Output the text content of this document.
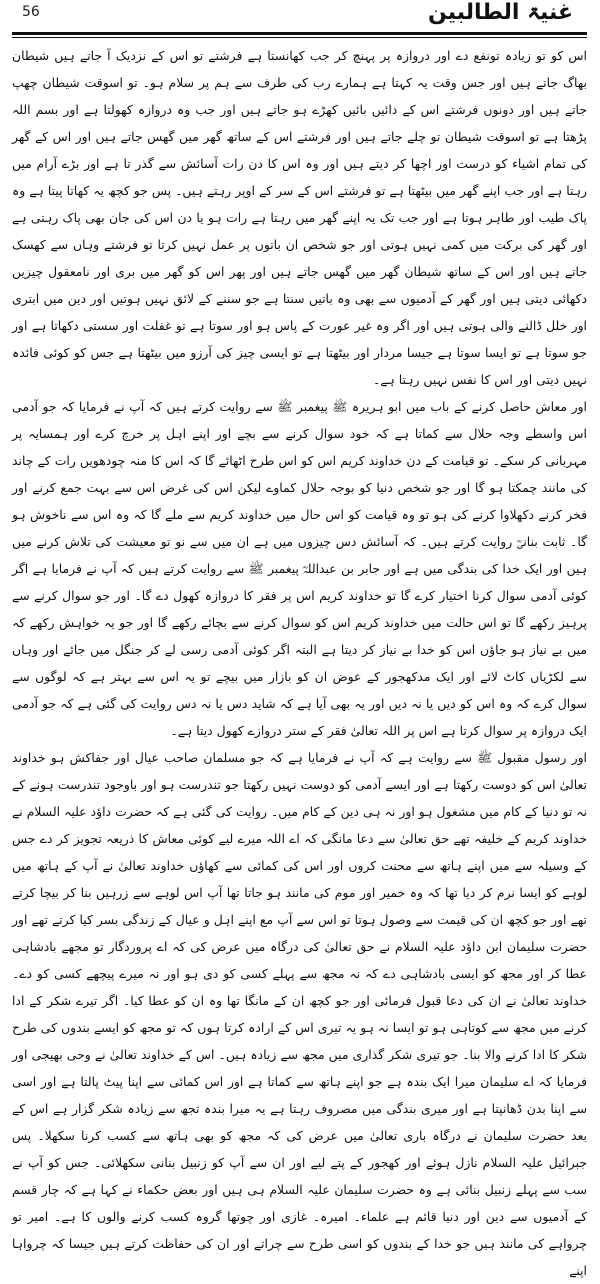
56	غنیۃ الطالبین

اس کو تو زیادہ تونفع دے اور دروازہ پر پہنچ کر جب کھانستا ہے فرشتے تو اس کے نزدیک آ جاتے ہیں شیطان بھاگ جاتے ہیں اور جس وقت یہ کہتا ہے ہمارے رب کی طرف سے ہم پر سلام ہو۔ تو اسوقت شیطان چھپ جاتے ہیں اور دونوں فرشتے اس کے دائیں بائیں کھڑے ہو جاتے ہیں اور جب وہ دروازہ کھولتا ہے اور بسم اللہ پڑھتا ہے تو اسوقت شیطان تو چلے جاتے ہیں اور فرشتے اس کے ساتھ گھر میں گھس جاتے ہیں اور اس کے گھر کی تمام اشیاء کو درست اور اچھا کر دیتے ہیں اور وہ اس کا دن رات آسائش سے گذر تا ہے اور بڑے آرام میں رہتا ہے اور جب اپنے گھر میں بیٹھتا ہے تو فرشتے اس کے سر کے اوپر رہتے ہیں۔ پس جو کچھ یہ کھاتا پیتا ہے وہ پاک طیب اور طاہر ہوتا ہے اور جب تک یہ اپنے گھر میں رہتا ہے رات ہو یا دن اس کی جان بھی پاک رہتی ہے اور گھر کی برکت میں کمی نہیں ہوتی اور جو شخص ان باتوں پر عمل نہیں کرتا تو فرشتے وہاں سے کھسک جاتے ہیں اور اس کے ساتھ شیطان گھر میں گھس جاتے ہیں اور پھر اس کو گھر میں بری اور نامعقول چیزیں دکھائی دیتی ہیں اور گھر کے آدمیوں سے بھی وہ باتیں سنتا ہے جو سننے کے لائق نہیں ہوتیں اور دین میں ابتری اور خلل ڈالنے والی ہوتی ہیں اور اگر وہ غیر عورت کے پاس ہو اور سوتا ہے تو غفلت اور سستی دکھاتا ہے اور جو سوتا ہے تو ایسا سوتا ہے جیسا مردار اور بیٹھتا ہے تو ایسی چیز کی آرزو میں بیٹھتا ہے جس کو کوئی فائدہ نہیں دیتی اور اس کا نفس نہیں رہتا ہے۔

اور معاش حاصل کرنے کے باب میں ابو ہریرہ ﷺ پیغمبر ﷺ سے روایت کرتے ہیں کہ آپ نے فرمایا کہ جو آدمی اس واسطے وجہ حلال سے کماتا ہے کہ خود سوال کرنے سے بچے اور اپنے اہل پر خرچ کرے اور ہمسایہ پر مہربانی کر سکے۔ تو قیامت کے دن خداوند کریم اس کو اس طرح اٹھائے گا کہ اس کا منہ چودھویں رات کے چاند کی مانند چمکتا ہو گا اور جو شخص دنیا کو بوجہ حلال کماوے لیکن اس کی غرض اس سے بہت جمع کرنے اور فخر کرنے دکھلاوا کرنے کی ہو تو وہ قیامت کو اس حال میں خداوند کریم سے ملے گا کہ وہ اس سے ناخوش ہو گا۔ ثابت بنانیؓ روایت کرتے ہیں۔ کہ آسائش دس چیزوں میں ہے ان میں سے نو تو معیشت کی تلاش کرنے میں ہیں اور ایک خدا کی بندگی میں ہے اور جابر بن عبداللہؓ پیغمبر ﷺ سے روایت کرتے ہیں کہ آپ نے فرمایا ہے اگر کوئی آدمی سوال کرنا اختیار کرے گا تو خداوند کریم اس پر فقر کا دروازہ کھول دے گا۔ اور جو سوال کرنے سے پرہیز رکھے گا تو اس حالت میں خداوند کریم اس کو سوال کرنے سے بچائے رکھے گا اور جو یہ خواہش رکھے کہ میں بے نیاز ہو جاؤں اس کو خدا بے نیاز کر دیتا ہے البتہ اگر کوئی آدمی رسی لے کر جنگل میں جائے اور وہاں سے لکڑیاں کاٹ لائے اور ایک مدکھجور کے عوض ان کو بازار میں بیچے تو یہ اس سے بہتر ہے کہ لوگوں سے سوال کرے کہ وہ اس کو دیں یا نہ دیں اور یہ بھی آیا ہے کہ شاید دس یا نہ دس روایت کی گئی ہے کہ جو آدمی ایک دروازہ پر سوال کرتا ہے اس پر اللہ تعالیٰ فقر کے ستر دروازے کھول دیتا ہے۔

اور رسول مقبول ﷺ سے روایت ہے کہ آپ نے فرمایا ہے کہ جو مسلمان صاحب عیال اور جفاکش ہو خداوند تعالیٰ اس کو دوست رکھتا ہے اور ایسے آدمی کو دوست نہیں رکھتا جو تندرست ہو اور باوجود تندرست ہونے کے نہ تو دنیا کے کام میں مشغول ہو اور نہ ہی دین کے کام میں۔ روایت کی گئی ہے کہ حضرت داؤد علیہ السلام نے خداوند کریم کے خلیفہ تھے حق تعالیٰ سے دعا مانگی کہ اے اللہ میرے لیے کوئی معاش کا ذریعہ تجویز کر دے جس کے وسیلہ سے میں اپنے ہاتھ سے محنت کروں اور اس کی کمائی سے کھاؤں خداوند تعالیٰ نے آپ کے ہاتھ میں لوہے کو ایسا نرم کر دیا تھا کہ وہ خمیر اور موم کی مانند ہو جاتا تھا آپ اس لوہے سے زرہیں بنا کر بیچا کرتے تھے اور جو کچھ ان کی قیمت سے وصول ہوتا تو اس سے آپ مع اپنے اہل و عیال کے زندگی بسر کیا کرتے تھے اور حضرت سلیمان ابن داؤد علیہ السلام نے حق تعالیٰ کی درگاہ میں عرض کی کہ اے پروردگار تو مجھے بادشاہی عطا کر اور مجھ کو ایسی بادشاہی دے کہ نہ مجھ سے پہلے کسی کو دی ہو اور نہ میرے پیچھے کسی کو دے۔ خداوند تعالیٰ نے ان کی دعا قبول فرمائی اور جو کچھ ان کے مانگا تھا وہ ان کو عطا کیا۔ اگر تیرے شکر کے ادا کرنے میں مجھ سے کوتاہی ہو تو ایسا نہ ہو یہ تیری اس کے ارادہ کرتا ہوں کہ تو مجھ کو ایسے بندوں کی طرح شکر کا ادا کرنے والا بنا۔ جو تیری شکر گذاری میں مجھ سے زیادہ ہیں۔ اس کے خداوند تعالیٰ نے وحی بھیجی اور فرمایا کہ اے سلیمان میرا ایک بندہ ہے جو اپنے ہاتھ سے کماتا ہے اور اس کمائی سے اپنا پیٹ پالتا ہے اور اسی سے اپنا بدن ڈھانپتا ہے اور میری بندگی میں مصروف رہتا ہے یہ میرا بندہ تجھ سے زیادہ شکر گزار ہے اس کے بعد حضرت سلیمان نے درگاہ باری تعالیٰ میں عرض کی کہ مجھ کو بھی ہاتھ سے کسب کرنا سکھلا۔ پس جبرائیل علیہ السلام نازل ہوئے اور کھجور کے پتے لیے اور ان سے آپ کو زنبیل بنانی سکھلائی۔ جس کو آپ نے سب سے پہلے زنبیل بنائی ہے وہ حضرت سلیمان علیہ السلام ہی ہیں اور بعض حکماء نے کہا ہے کہ چار قسم کے آدمیوں سے دین اور دنیا قائم ہے علماء۔ امیرہ۔ غازی اور چوتھا گروہ کسب کرنے والوں کا ہے۔ امیر تو چرواہے کی مانند ہیں جو خدا کے بندوں کو اسی طرح سے چراتے اور ان کی حفاظت کرتے ہیں جیسا کہ چرواہا اپنے
